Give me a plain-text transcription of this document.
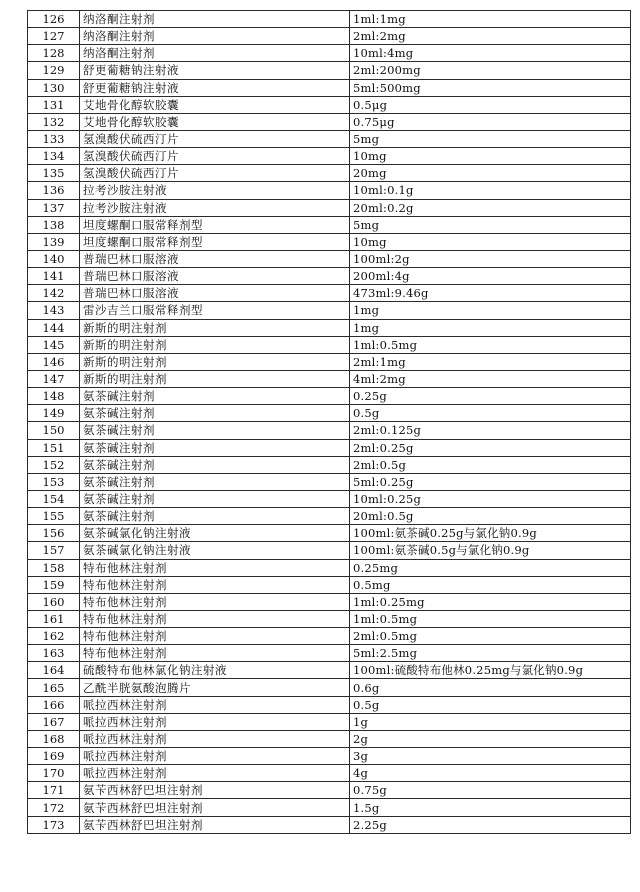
126	纳洛酮注射剂	1ml:1mg
127	纳洛酮注射剂	2ml:2mg
128	纳洛酮注射剂	10ml:4mg
129	舒更葡糖钠注射液	2ml:200mg
130	舒更葡糖钠注射液	5ml:500mg
131	艾地骨化醇软胶囊	0.5μg
132	艾地骨化醇软胶囊	0.75μg
133	氢溴酸伏硫西汀片	5mg
134	氢溴酸伏硫西汀片	10mg
135	氢溴酸伏硫西汀片	20mg
136	拉考沙胺注射液	10ml:0.1g
137	拉考沙胺注射液	20ml:0.2g
138	坦度螺酮口服常释剂型	5mg
139	坦度螺酮口服常释剂型	10mg
140	普瑞巴林口服溶液	100ml:2g
141	普瑞巴林口服溶液	200ml:4g
142	普瑞巴林口服溶液	473ml:9.46g
143	雷沙吉兰口服常释剂型	1mg
144	新斯的明注射剂	1mg
145	新斯的明注射剂	1ml:0.5mg
146	新斯的明注射剂	2ml:1mg
147	新斯的明注射剂	4ml:2mg
148	氨茶碱注射剂	0.25g
149	氨茶碱注射剂	0.5g
150	氨茶碱注射剂	2ml:0.125g
151	氨茶碱注射剂	2ml:0.25g
152	氨茶碱注射剂	2ml:0.5g
153	氨茶碱注射剂	5ml:0.25g
154	氨茶碱注射剂	10ml:0.25g
155	氨茶碱注射剂	20ml:0.5g
156	氨茶碱氯化钠注射液	100ml:氨茶碱0.25g与氯化钠0.9g
157	氨茶碱氯化钠注射液	100ml:氨茶碱0.5g与氯化钠0.9g
158	特布他林注射剂	0.25mg
159	特布他林注射剂	0.5mg
160	特布他林注射剂	1ml:0.25mg
161	特布他林注射剂	1ml:0.5mg
162	特布他林注射剂	2ml:0.5mg
163	特布他林注射剂	5ml:2.5mg
164	硫酸特布他林氯化钠注射液	100ml:硫酸特布他林0.25mg与氯化钠0.9g
165	乙酰半胱氨酸泡腾片	0.6g
166	哌拉西林注射剂	0.5g
167	哌拉西林注射剂	1g
168	哌拉西林注射剂	2g
169	哌拉西林注射剂	3g
170	哌拉西林注射剂	4g
171	氨苄西林舒巴坦注射剂	0.75g
172	氨苄西林舒巴坦注射剂	1.5g
173	氨苄西林舒巴坦注射剂	2.25g
